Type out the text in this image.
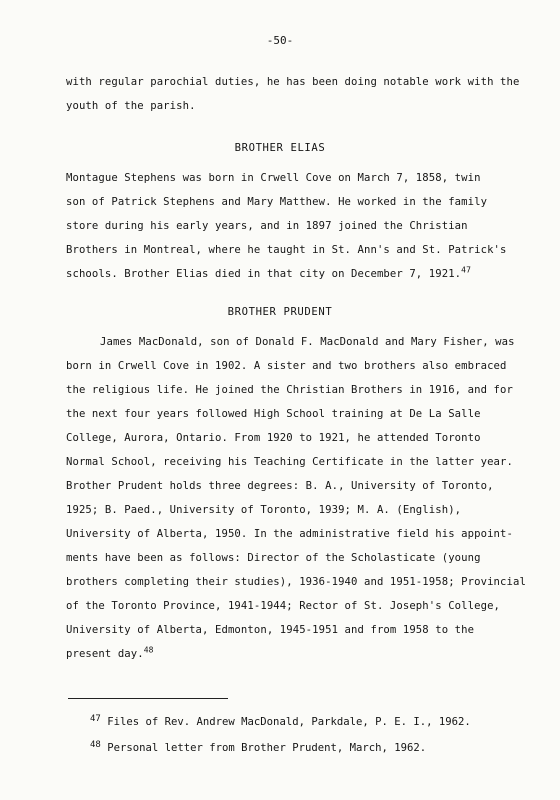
-50-
with regular parochial duties, he has been doing notable work with the
youth of the parish.
BROTHER ELIAS
Montague Stephens was born in Crwell Cove on March 7, 1858, twin
son of Patrick Stephens and Mary Matthew. He worked in the family
store during his early years, and in 1897 joined the Christian
Brothers in Montreal, where he taught in St. Ann's and St. Patrick's
schools. Brother Elias died in that city on December 7, 1921.47
BROTHER PRUDENT
James MacDonald, son of Donald F. MacDonald and Mary Fisher, was
born in Crwell Cove in 1902. A sister and two brothers also embraced
the religious life. He joined the Christian Brothers in 1916, and for
the next four years followed High School training at De La Salle
College, Aurora, Ontario. From 1920 to 1921, he attended Toronto
Normal School, receiving his Teaching Certificate in the latter year.
Brother Prudent holds three degrees: B. A., University of Toronto,
1925; B. Paed., University of Toronto, 1939; M. A. (English),
University of Alberta, 1950. In the administrative field his appoint-
ments have been as follows: Director of the Scholasticate (young
brothers completing their studies), 1936-1940 and 1951-1958; Provincial
of the Toronto Province, 1941-1944; Rector of St. Joseph's College,
University of Alberta, Edmonton, 1945-1951 and from 1958 to the
present day.$^{48}$
$^{47}$ Files of Rev. Andrew MacDonald, Parkdale, P. E. I., 1962.
$^{48}$ Personal letter from Brother Prudent, March, 1962.
